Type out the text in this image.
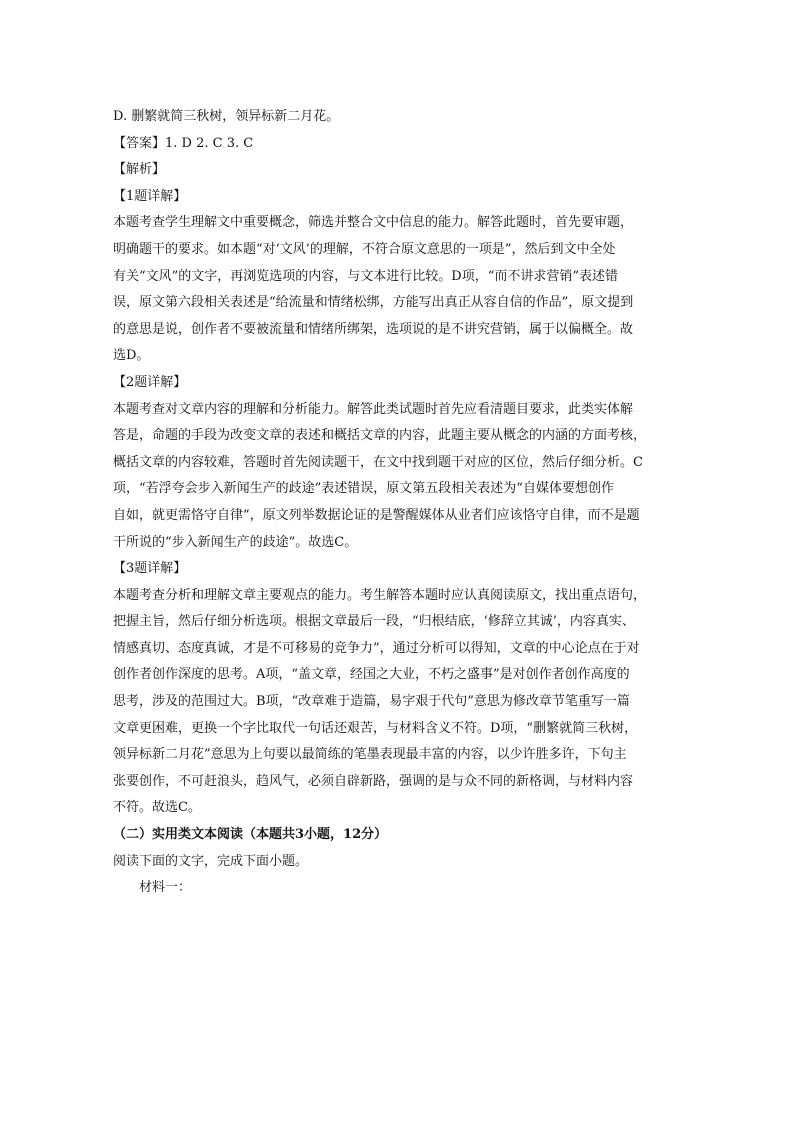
D. 删繁就简三秋树，领异标新二月花。
【答案】1. D 2. C 3. C
【解析】
【1题详解】
本题考查学生理解文中重要概念，筛选并整合文中信息的能力。解答此题时，首先要审题，
明确题干的要求。如本题“对‘文风’的理解，不符合原文意思的一项是”，然后到文中全处
有关“文风”的文字，再浏览选项的内容，与文本进行比较。D项，“而不讲求营销”表述错
误，原文第六段相关表述是“给流量和情绪松绑，方能写出真正从容自信的作品”，原文提到
的意思是说，创作者不要被流量和情绪所绑架，选项说的是不讲究营销，属于以偏概全。故
选D。
【2题详解】
本题考查对文章内容的理解和分析能力。解答此类试题时首先应看清题目要求，此类实体解
答是，命题的手段为改变文章的表述和概括文章的内容，此题主要从概念的内涵的方面考核，
概括文章的内容较难，答题时首先阅读题干，在文中找到题干对应的区位，然后仔细分析。C
项，“若浮夸会步入新闻生产的歧途”表述错误，原文第五段相关表述为“自媒体要想创作
自如，就更需恪守自律”，原文列举数据论证的是警醒媒体从业者们应该恪守自律，而不是题
干所说的“步入新闻生产的歧途”。故选C。
【3题详解】
本题考查分析和理解文章主要观点的能力。考生解答本题时应认真阅读原文，找出重点语句，
把握主旨，然后仔细分析选项。根据文章最后一段，“归根结底，‘修辞立其诚’，内容真实、
情感真切、态度真诚，才是不可移易的竞争力”，通过分析可以得知，文章的中心论点在于对
创作者创作深度的思考。A项，“盖文章，经国之大业，不朽之盛事”是对创作者创作高度的
思考，涉及的范围过大。B项，“改章难于造篇，易字艰于代句”意思为修改章节笔重写一篇
文章更困难，更换一个字比取代一句话还艰苦，与材料含义不符。D项，“删繁就简三秋树，
领异标新二月花”意思为上句要以最简练的笔墨表现最丰富的内容，以少许胜多许，下句主
张要创作，不可赶浪头，趋风气，必须自辟新路，强调的是与众不同的新格调，与材料内容
不符。故选C。
（二）实用类文本阅读（本题共3小题，12分）
阅读下面的文字，完成下面小题。
材料一：
